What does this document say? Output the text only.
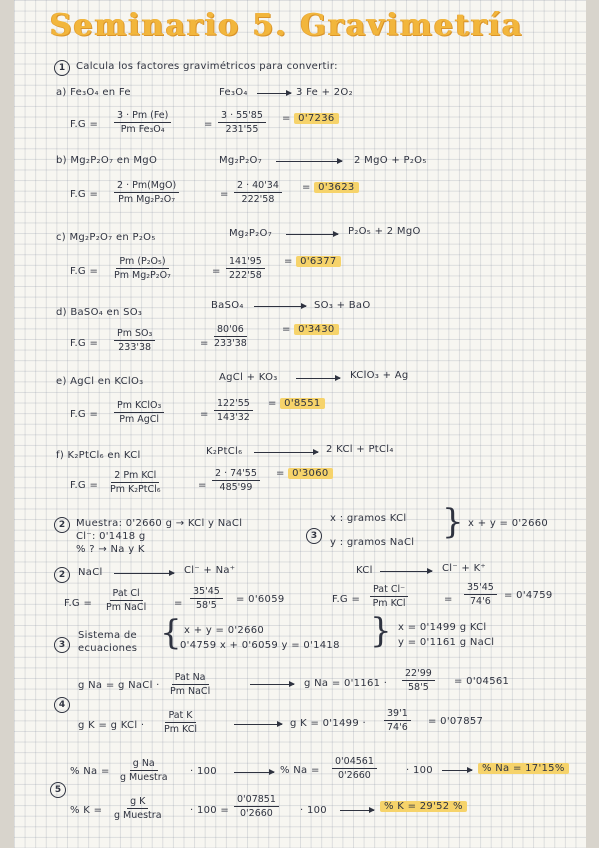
Seminario 5. Gravimetría
1	Calcula los factores gravimétricos para convertir:
a) Fe₃O₄ en Fe	Fe₃O₄	3 Fe + 2O₂
$F.G = \frac{3 \cdot Pm (Fe)}{\text{Pm Fe₃O₄}}$	= $\frac{3 \cdot 55'85}{231'55} = 0'7236$
b) Mg₂P₂O₇ en MgO	Mg₂P₂O₇	2 MgO + P₂O₅
F.G =
2 · Pm(MgO)
Pm Mg₂P₂O₇	= $\frac{2 \cdot 40'34}{222'58} = 0'3623$
c) Mg₂P₂O₇ en P₂O₅	Mg₂P₂O₇	P₂O₅ + 2 MgO
$F.G = \frac{\text{Pm (P₂O₅)}}{\text{Pm Mg₂P₂O₇}}$	= $\frac{141'95}{222'58} = 0'6377$
d) BaSO₄ en SO₃
BaSO₄	SO₃ + BaO
$F.G = \frac{\text{Pm SO₃}}{233'38}$	= $\frac{80'06}{233'38}$	= 0'3430
e) AgCl en KClO₃	AgCl + KO₃	KClO₃ + Ag
F.G =
Pm KClO₃
Pm AgCl	= $\frac{122'55}{143'32} = 0'8551$
f) K₂PtCl₆ en KCl	K₂PtCl₆	2 KCl + PtCl₄
F.G =
2 Pm KCl
Pm K₂PtCl₆	= $\frac{2 \cdot 74'55}{485'99} = 0'3060$
2	Muestra: 0'2660 g → KCl y NaCl
Cl⁻: 0'1418 g
% ? → Na y K
3
x : gramos KCl
y : gramos NaCl
} x + y = 0'2660
2	NaCl	Cl⁻ + Na⁺	KCl	Cl⁻ + K⁺
F.G =
Pat Cl
Pm NaCl	= $\frac{35'45}{58'5} = 0'6059$	F.G =
Pat Cl⁻
Pm KCl	= $\frac{35'45}{74'6} = 0'4759$
3
Sistema de
ecuaciones { x + y = 0'2660
0'4759 x + 0'6059 y = 0'1418 } x = 0'1499 g KCl
y = 0'1161 g NaCl
4
g Na = g NaCl ·
Pat Na
Pm NaCl
g $Na = 0'1161 \cdot \frac{22'99}{58'5} = 0'04561$
g K = g KCl ·
Pat K
Pm KCl
g $K = 0'1499 \cdot \frac{39'1}{74'6} = 0'07857$
5
% Na =
g Na
g Muestra
· 100	% $Na = \frac{0'04561}{0'2660}$	· 100	% Na = 17'15%
% K =
g K
g Muestra	· $100 = \frac{0'07851}{0'2660} \cdot 100$	% K = 29'52 %
